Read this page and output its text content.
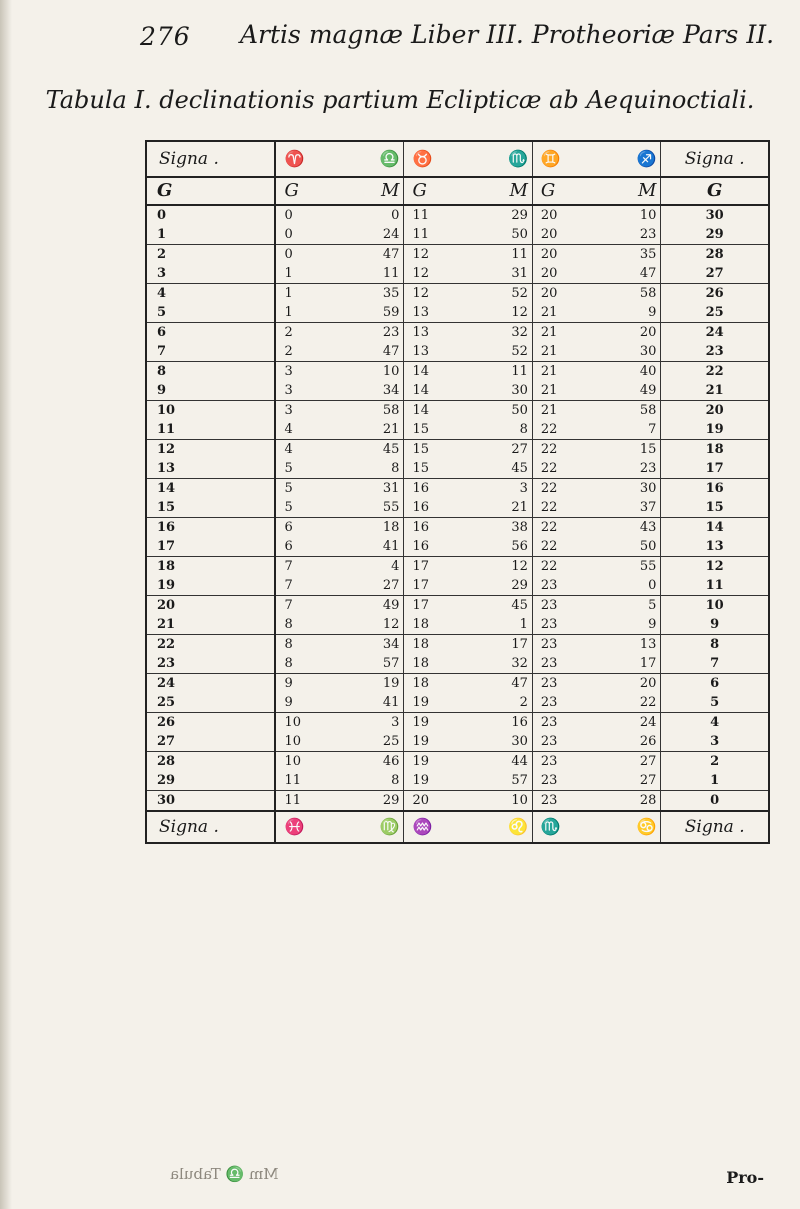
276 Artis magnæ Liber III. Protheoriæ Pars II.
Tabula I. declinationis partium Eclipticæ ab Aequinoctiali.
Signa .	♈	♎	♉	♏	♊	♐	Signa .
G	G	M	G	M	G	M	G
0	0	0	11	29	20	10	30
1	0	24	11	50	20	23	29
2	0	47	12	11	20	35	28
3	1	11	12	31	20	47	27
4	1	35	12	52	20	58	26
5	1	59	13	12	21	9	25
6	2	23	13	32	21	20	24
7	2	47	13	52	21	30	23
8	3	10	14	11	21	40	22
9	3	34	14	30	21	49	21
10	3	58	14	50	21	58	20
11	4	21	15	8	22	7	19
12	4	45	15	27	22	15	18
13	5	8	15	45	22	23	17
14	5	31	16	3	22	30	16
15	5	55	16	21	22	37	15
16	6	18	16	38	22	43	14
17	6	41	16	56	22	50	13
18	7	4	17	12	22	55	12
19	7	27	17	29	23	0	11
20	7	49	17	45	23	5	10
21	8	12	18	1	23	9	9
22	8	34	18	17	23	13	8
23	8	57	18	32	23	17	7
24	9	19	18	47	23	20	6
25	9	41	19	2	23	22	5
26	10	3	19	16	23	24	4
27	10	25	19	30	23	26	3
28	10	46	19	44	23	27	2
29	11	8	19	57	23	27	1
30	11	29	20	10	23	28	0
Signa .	♓	♍	♒	♌	♏	♋	Signa .
Mm ♎ Tabula	Pro-
